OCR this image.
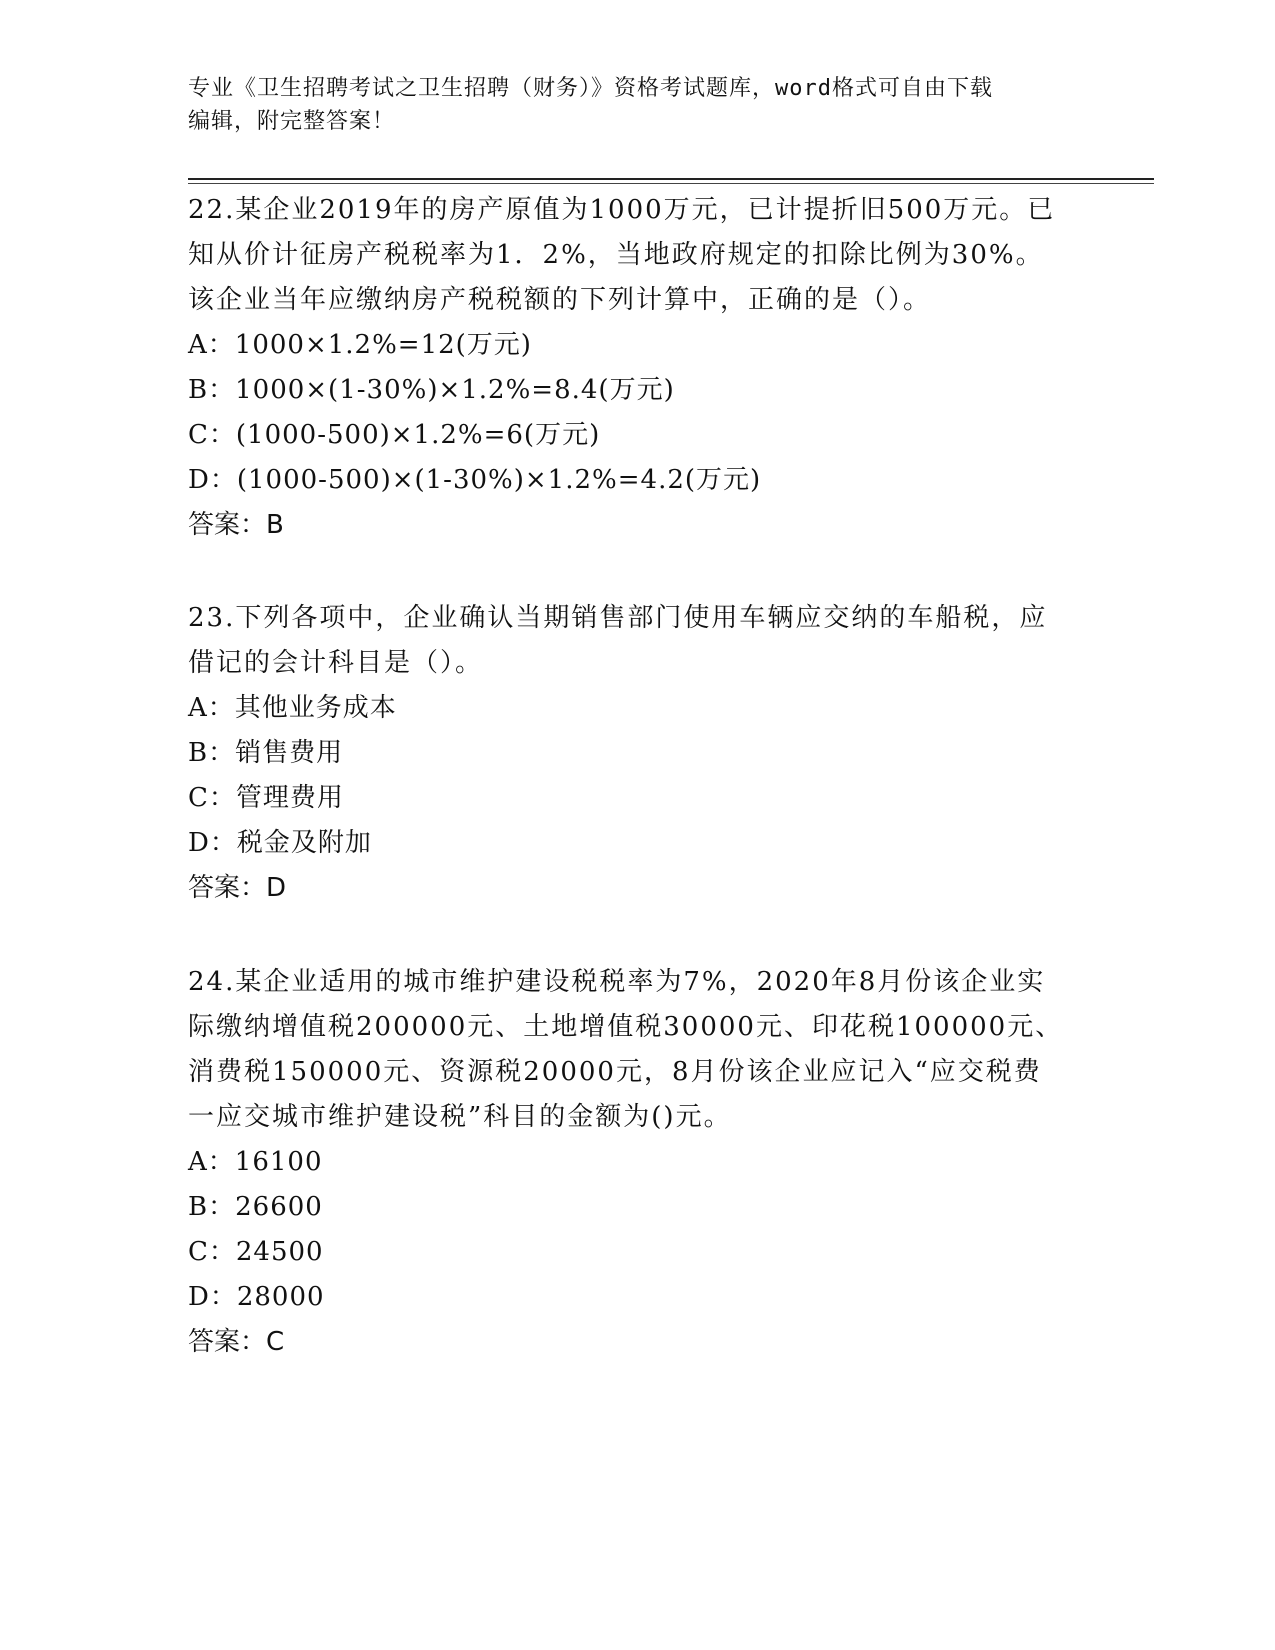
专业《卫生招聘考试之卫生招聘（财务）》资格考试题库，word格式可自由下载
编辑，附完整答案！

22.某企业2019年的房产原值为1000万元，已计提折旧500万元。已
知从价计征房产税税率为1．2%，当地政府规定的扣除比例为30%。
该企业当年应缴纳房产税税额的下列计算中，正确的是（）。

A：1000×1.2%=12(万元)
B：1000×(1-30%)×1.2%=8.4(万元)
C：(1000-500)×1.2%=6(万元)
D：(1000-500)×(1-30%)×1.2%=4.2(万元)

答案：B

23.下列各项中，企业确认当期销售部门使用车辆应交纳的车船税，应
借记的会计科目是（）。

A：其他业务成本
B：销售费用
C：管理费用
D：税金及附加

答案：D

24.某企业适用的城市维护建设税税率为7%，2020年8月份该企业实
际缴纳增值税200000元、土地增值税30000元、印花税100000元、
消费税150000元、资源税20000元，8月份该企业应记入“应交税费
一应交城市维护建设税”科目的金额为()元。

A：16100
B：26600
C：24500
D：28000

答案：C
